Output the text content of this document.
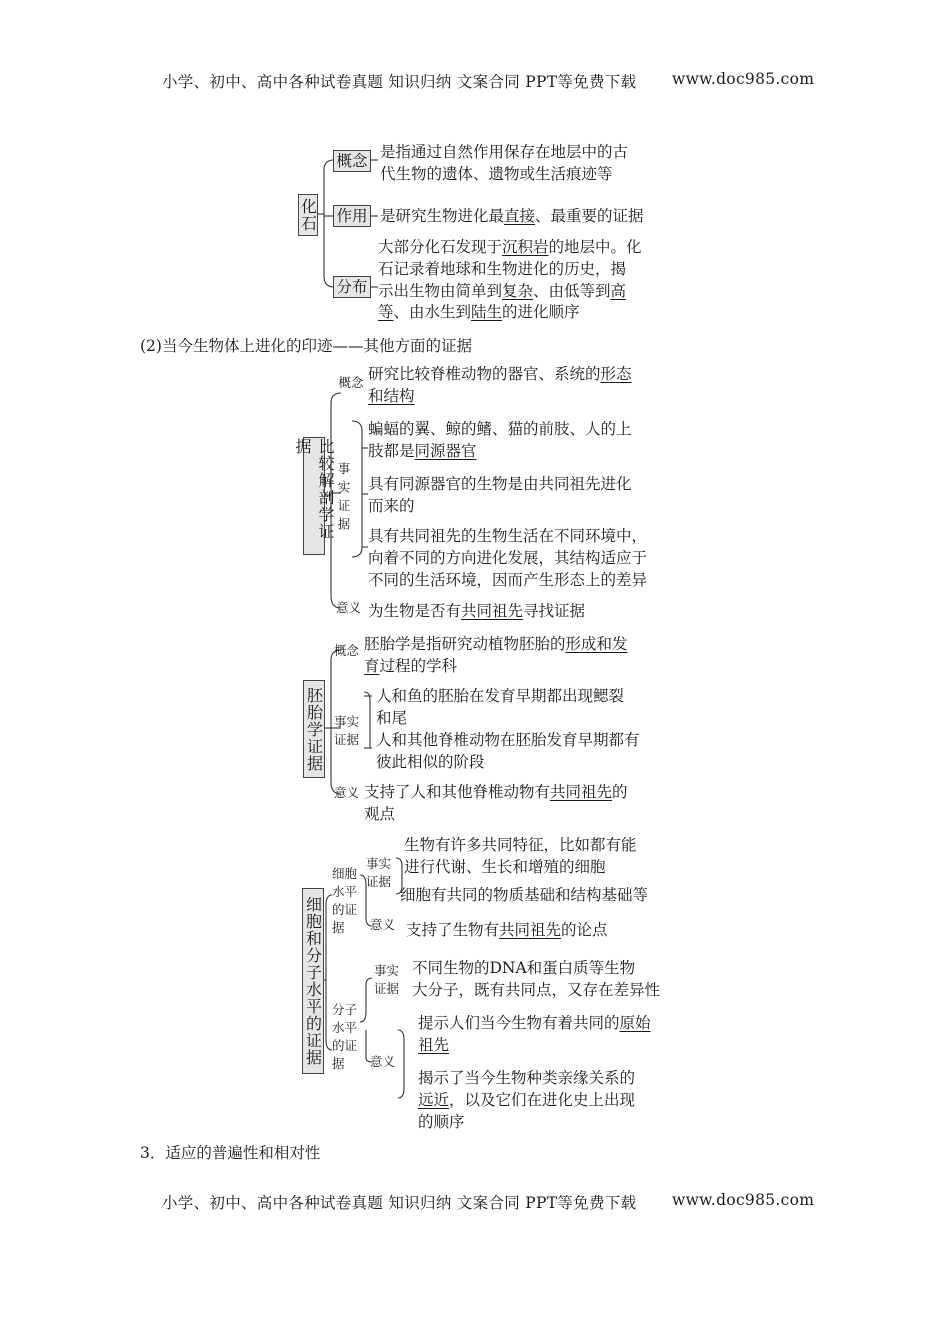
小学、初中、高中各种试卷真题 知识归纳 文案合同 PPT等免费下载 www.doc985.com
化石
概念 是指通过自然作用保存在地层中的古
代生物的遗体、遗物或生活痕迹等
作用 是研究生物进化最直接、最重要的证据
分布
大部分化石发现于沉积岩的地层中。化
石记录着地球和生物进化的历史，揭
示出生物由简单到复杂、由低等到高
等、由水生到陆生的进化顺序
(2)当今生物体上进化的印迹——其他方面的证据
比较解剖学证据
概念 研究比较脊椎动物的器官、系统的形态
和结构
事实证据
蝙蝠的翼、鲸的鳍、猫的前肢、人的上
肢都是同源器官
具有同源器官的生物是由共同祖先进化
而来的
具有共同祖先的生物生活在不同环境中，
向着不同的方向进化发展，其结构适应于
不同的生活环境，因而产生形态上的差异
意义 为生物是否有共同祖先寻找证据
胚胎学证据
概念 胚胎学是指研究动植物胚胎的形成和发
育过程的学科
事实
证据
人和鱼的胚胎在发育早期都出现鳃裂
和尾
人和其他脊椎动物在胚胎发育早期都有
彼此相似的阶段
意义 支持了人和其他脊椎动物有共同祖先的
观点
细胞和分子水平的证据
细胞
水平
的证
据
事实
证据
生物有许多共同特征，比如都有能
进行代谢、生长和增殖的细胞
细胞有共同的物质基础和结构基础等
意义 支持了生物有共同祖先的论点
事实
证据
不同生物的DNA和蛋白质等生物
大分子，既有共同点，又存在差异性
分子
水平
的证
据 意义
提示人们当今生物有着共同的原始
祖先
揭示了当今生物种类亲缘关系的
远近，以及它们在进化史上出现
的顺序
3．适应的普遍性和相对性
小学、初中、高中各种试卷真题 知识归纳 文案合同 PPT等免费下载 www.doc985.com
